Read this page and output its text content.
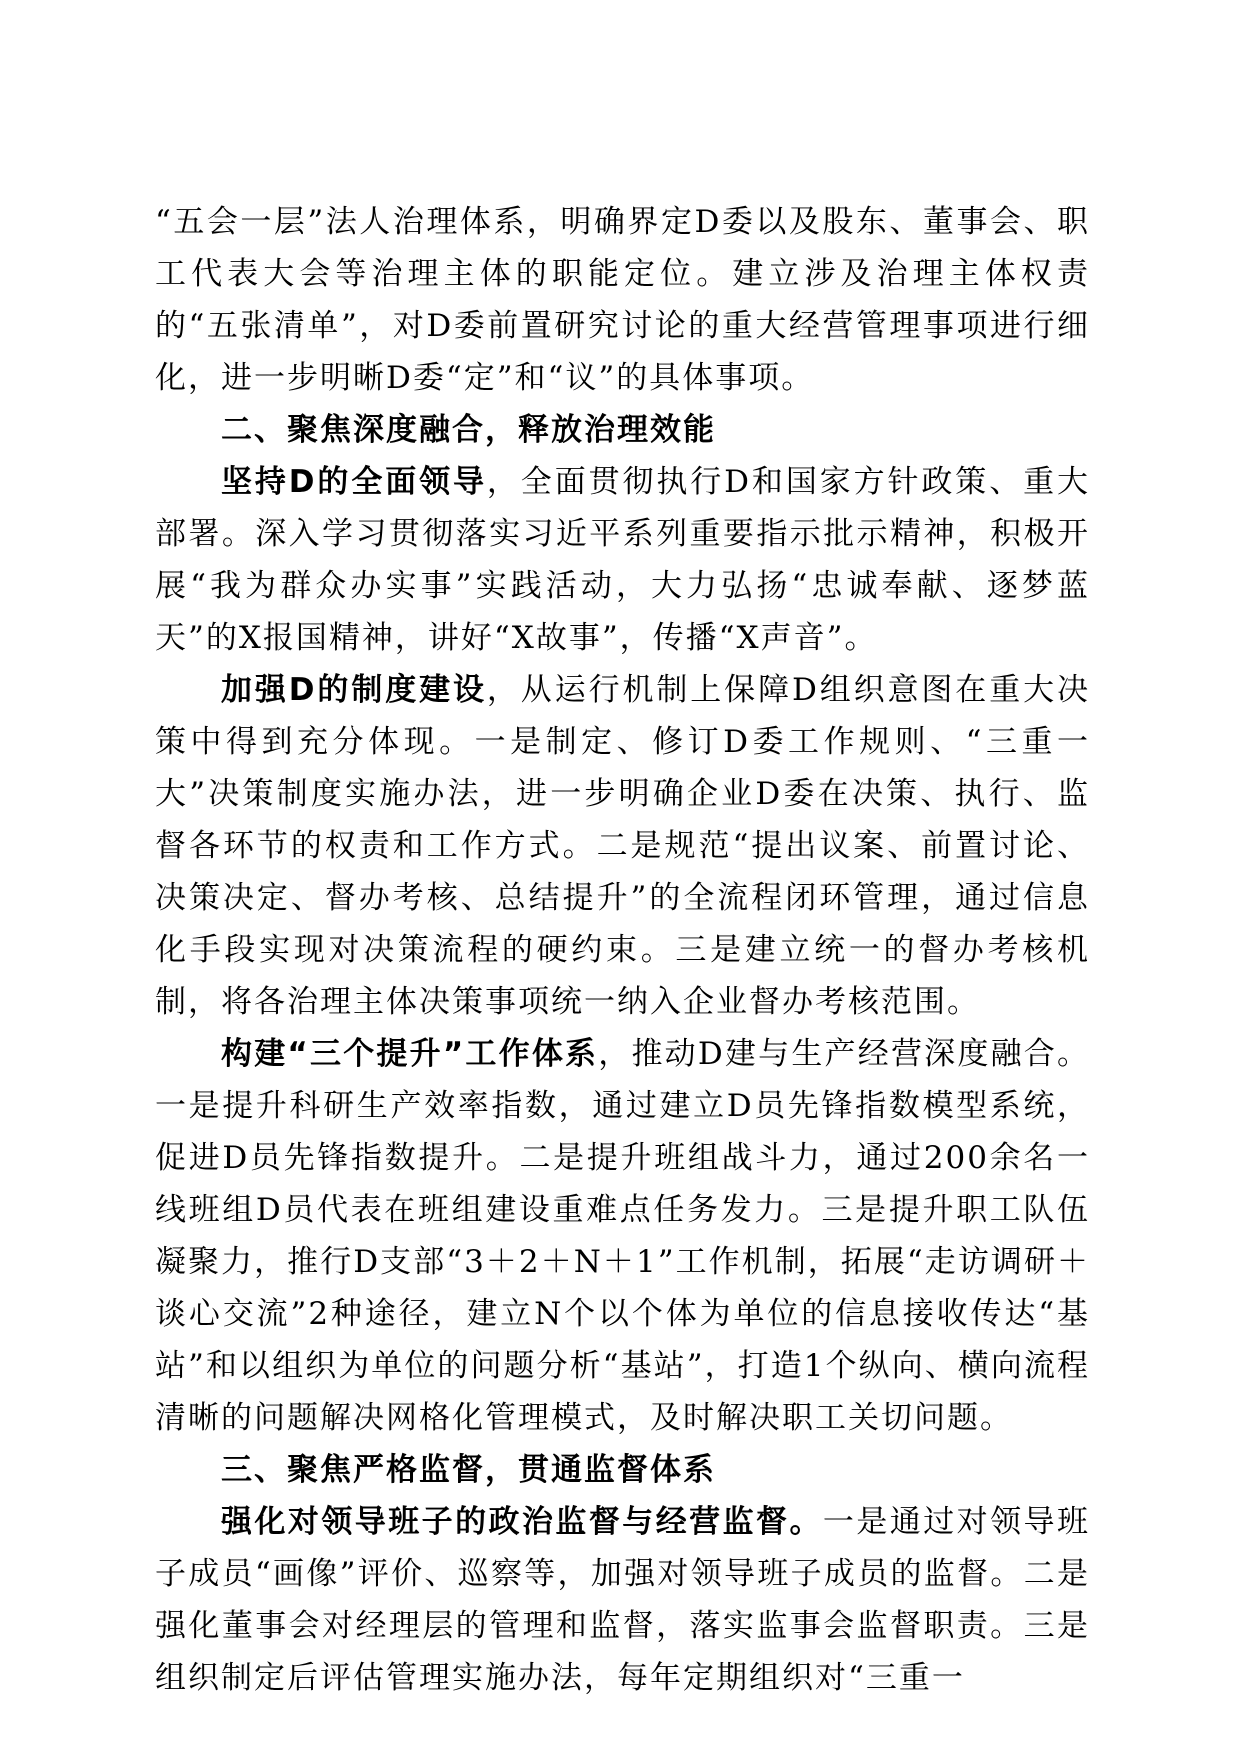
“五会一层”法人治理体系，明确界定D委以及股东、董事会、职工代表大会等治理主体的职能定位。建立涉及治理主体权责的“五张清单”，对D委前置研究讨论的重大经营管理事项进行细化，进一步明晰D委“定”和“议”的具体事项。

二、聚焦深度融合，释放治理效能

坚持D的全面领导，全面贯彻执行D和国家方针政策、重大部署。深入学习贯彻落实习近平系列重要指示批示精神，积极开展“我为群众办实事”实践活动，大力弘扬“忠诚奉献、逐梦蓝天”的X报国精神，讲好“X故事”，传播“X声音”。

加强D的制度建设，从运行机制上保障D组织意图在重大决策中得到充分体现。一是制定、修订D委工作规则、“三重一大”决策制度实施办法，进一步明确企业D委在决策、执行、监督各环节的权责和工作方式。二是规范“提出议案、前置讨论、决策决定、督办考核、总结提升”的全流程闭环管理，通过信息化手段实现对决策流程的硬约束。三是建立统一的督办考核机制，将各治理主体决策事项统一纳入企业督办考核范围。

构建“三个提升”工作体系，推动D建与生产经营深度融合。一是提升科研生产效率指数，通过建立D员先锋指数模型系统，促进D员先锋指数提升。二是提升班组战斗力，通过200余名一线班组D员代表在班组建设重难点任务发力。三是提升职工队伍凝聚力，推行D支部“3＋2＋N＋1”工作机制，拓展“走访调研＋谈心交流”2种途径，建立N个以个体为单位的信息接收传达“基站”和以组织为单位的问题分析“基站”，打造1个纵向、横向流程清晰的问题解决网格化管理模式，及时解决职工关切问题。

三、聚焦严格监督，贯通监督体系

强化对领导班子的政治监督与经营监督。一是通过对领导班子成员“画像”评价、巡察等，加强对领导班子成员的监督。二是强化董事会对经理层的管理和监督，落实监事会监督职责。三是组织制定后评估管理实施办法，每年定期组织对“三重一
